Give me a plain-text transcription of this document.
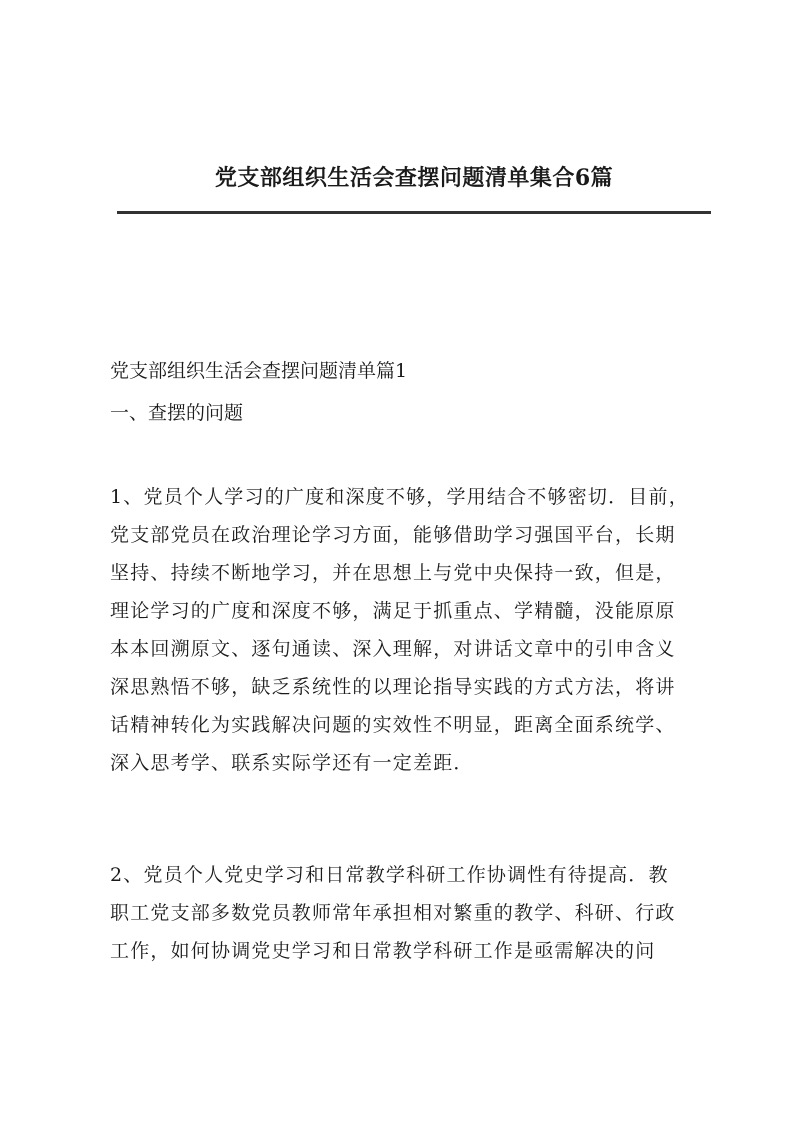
党支部组织生活会查摆问题清单集合6篇
党支部组织生活会查摆问题清单篇1
一、查摆的问题
1、党员个人学习的广度和深度不够，学用结合不够密切．目前，
党支部党员在政治理论学习方面，能够借助学习强国平台，长期
坚持、持续不断地学习，并在思想上与党中央保持一致，但是，
理论学习的广度和深度不够，满足于抓重点、学精髓，没能原原
本本回溯原文、逐句通读、深入理解，对讲话文章中的引申含义
深思熟悟不够，缺乏系统性的以理论指导实践的方式方法，将讲
话精神转化为实践解决问题的实效性不明显，距离全面系统学、
深入思考学、联系实际学还有一定差距．
2、党员个人党史学习和日常教学科研工作协调性有待提高．教
职工党支部多数党员教师常年承担相对繁重的教学、科研、行政
工作，如何协调党史学习和日常教学科研工作是亟需解决的问
